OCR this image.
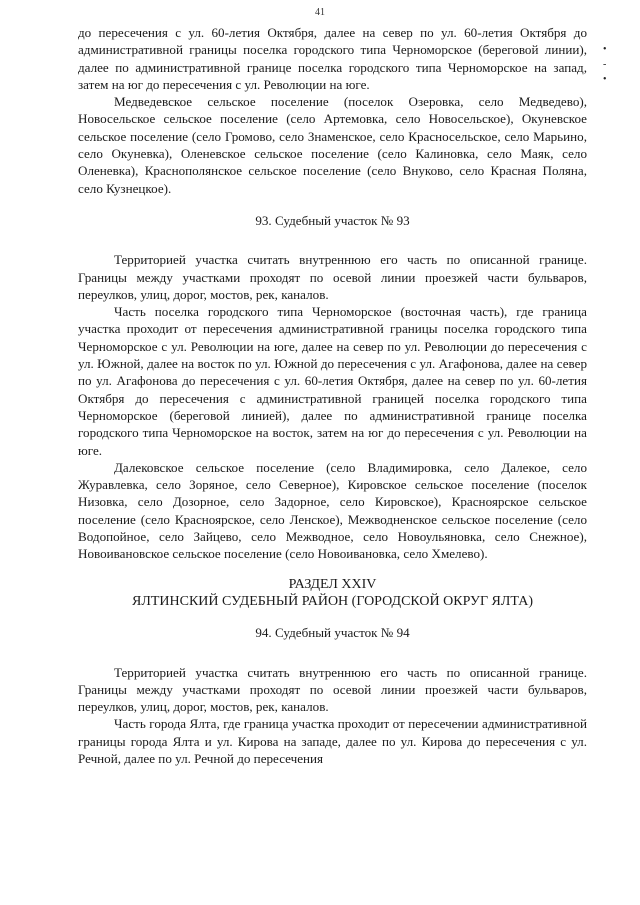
41
•
-
•

до пересечения с ул. 60-летия Октября, далее на север по ул. 60-летия Октября до административной границы поселка городского типа Черноморское (береговой линии), далее по административной границе поселка городского типа Черноморское на запад, затем на юг до пересечения с ул. Революции на юге.

Медведевское сельское поселение (поселок Озеровка, село Медведево), Новосельское сельское поселение (село Артемовка, село Новосельское), Окуневское сельское поселение (село Громово, село Знаменское, село Красносельское, село Марьино, село Окуневка), Оленевское сельское поселение (село Калиновка, село Маяк, село Оленевка), Краснополянское сельское поселение (село Внуково, село Красная Поляна, село Кузнецкое).

93. Судебный участок № 93

Территорией участка считать внутреннюю его часть по описанной границе. Границы между участками проходят по осевой линии проезжей части бульваров, переулков, улиц, дорог, мостов, рек, каналов.

Часть поселка городского типа Черноморское (восточная часть), где граница участка проходит от пересечения административной границы поселка городского типа Черноморское с ул. Революции на юге, далее на север по ул. Революции до пересечения с ул. Южной, далее на восток по ул. Южной до пересечения с ул. Агафонова, далее на север по ул. Агафонова до пересечения с ул. 60-летия Октября, далее на север по ул. 60-летия Октября до пересечения с административной границей поселка городского типа Черноморское (береговой линией), далее по административной границе поселка городского типа Черноморское на восток, затем на юг до пересечения с ул. Революции на юге.

Далековское сельское поселение (село Владимировка, село Далекое, село Журавлевка, село Зоряное, село Северное), Кировское сельское поселение (поселок Низовка, село Дозорное, село Задорное, село Кировское), Красноярское сельское поселение (село Красноярское, село Ленское), Межводненское сельское поселение (село Водопойное, село Зайцево, село Межводное, село Новоульяновка, село Снежное), Новоивановское сельское поселение (село Новоивановка, село Хмелево).

РАЗДЕЛ XXIV

ЯЛТИНСКИЙ СУДЕБНЫЙ РАЙОН (ГОРОДСКОЙ ОКРУГ ЯЛТА)

94. Судебный участок № 94

Территорией участка считать внутреннюю его часть по описанной границе. Границы между участками проходят по осевой линии проезжей части бульваров, переулков, улиц, дорог, мостов, рек, каналов.

Часть города Ялта, где граница участка проходит от пересечении административной границы города Ялта и ул. Кирова на западе, далее по ул. Кирова до пересечения с ул. Речной, далее по ул. Речной до пересечения
